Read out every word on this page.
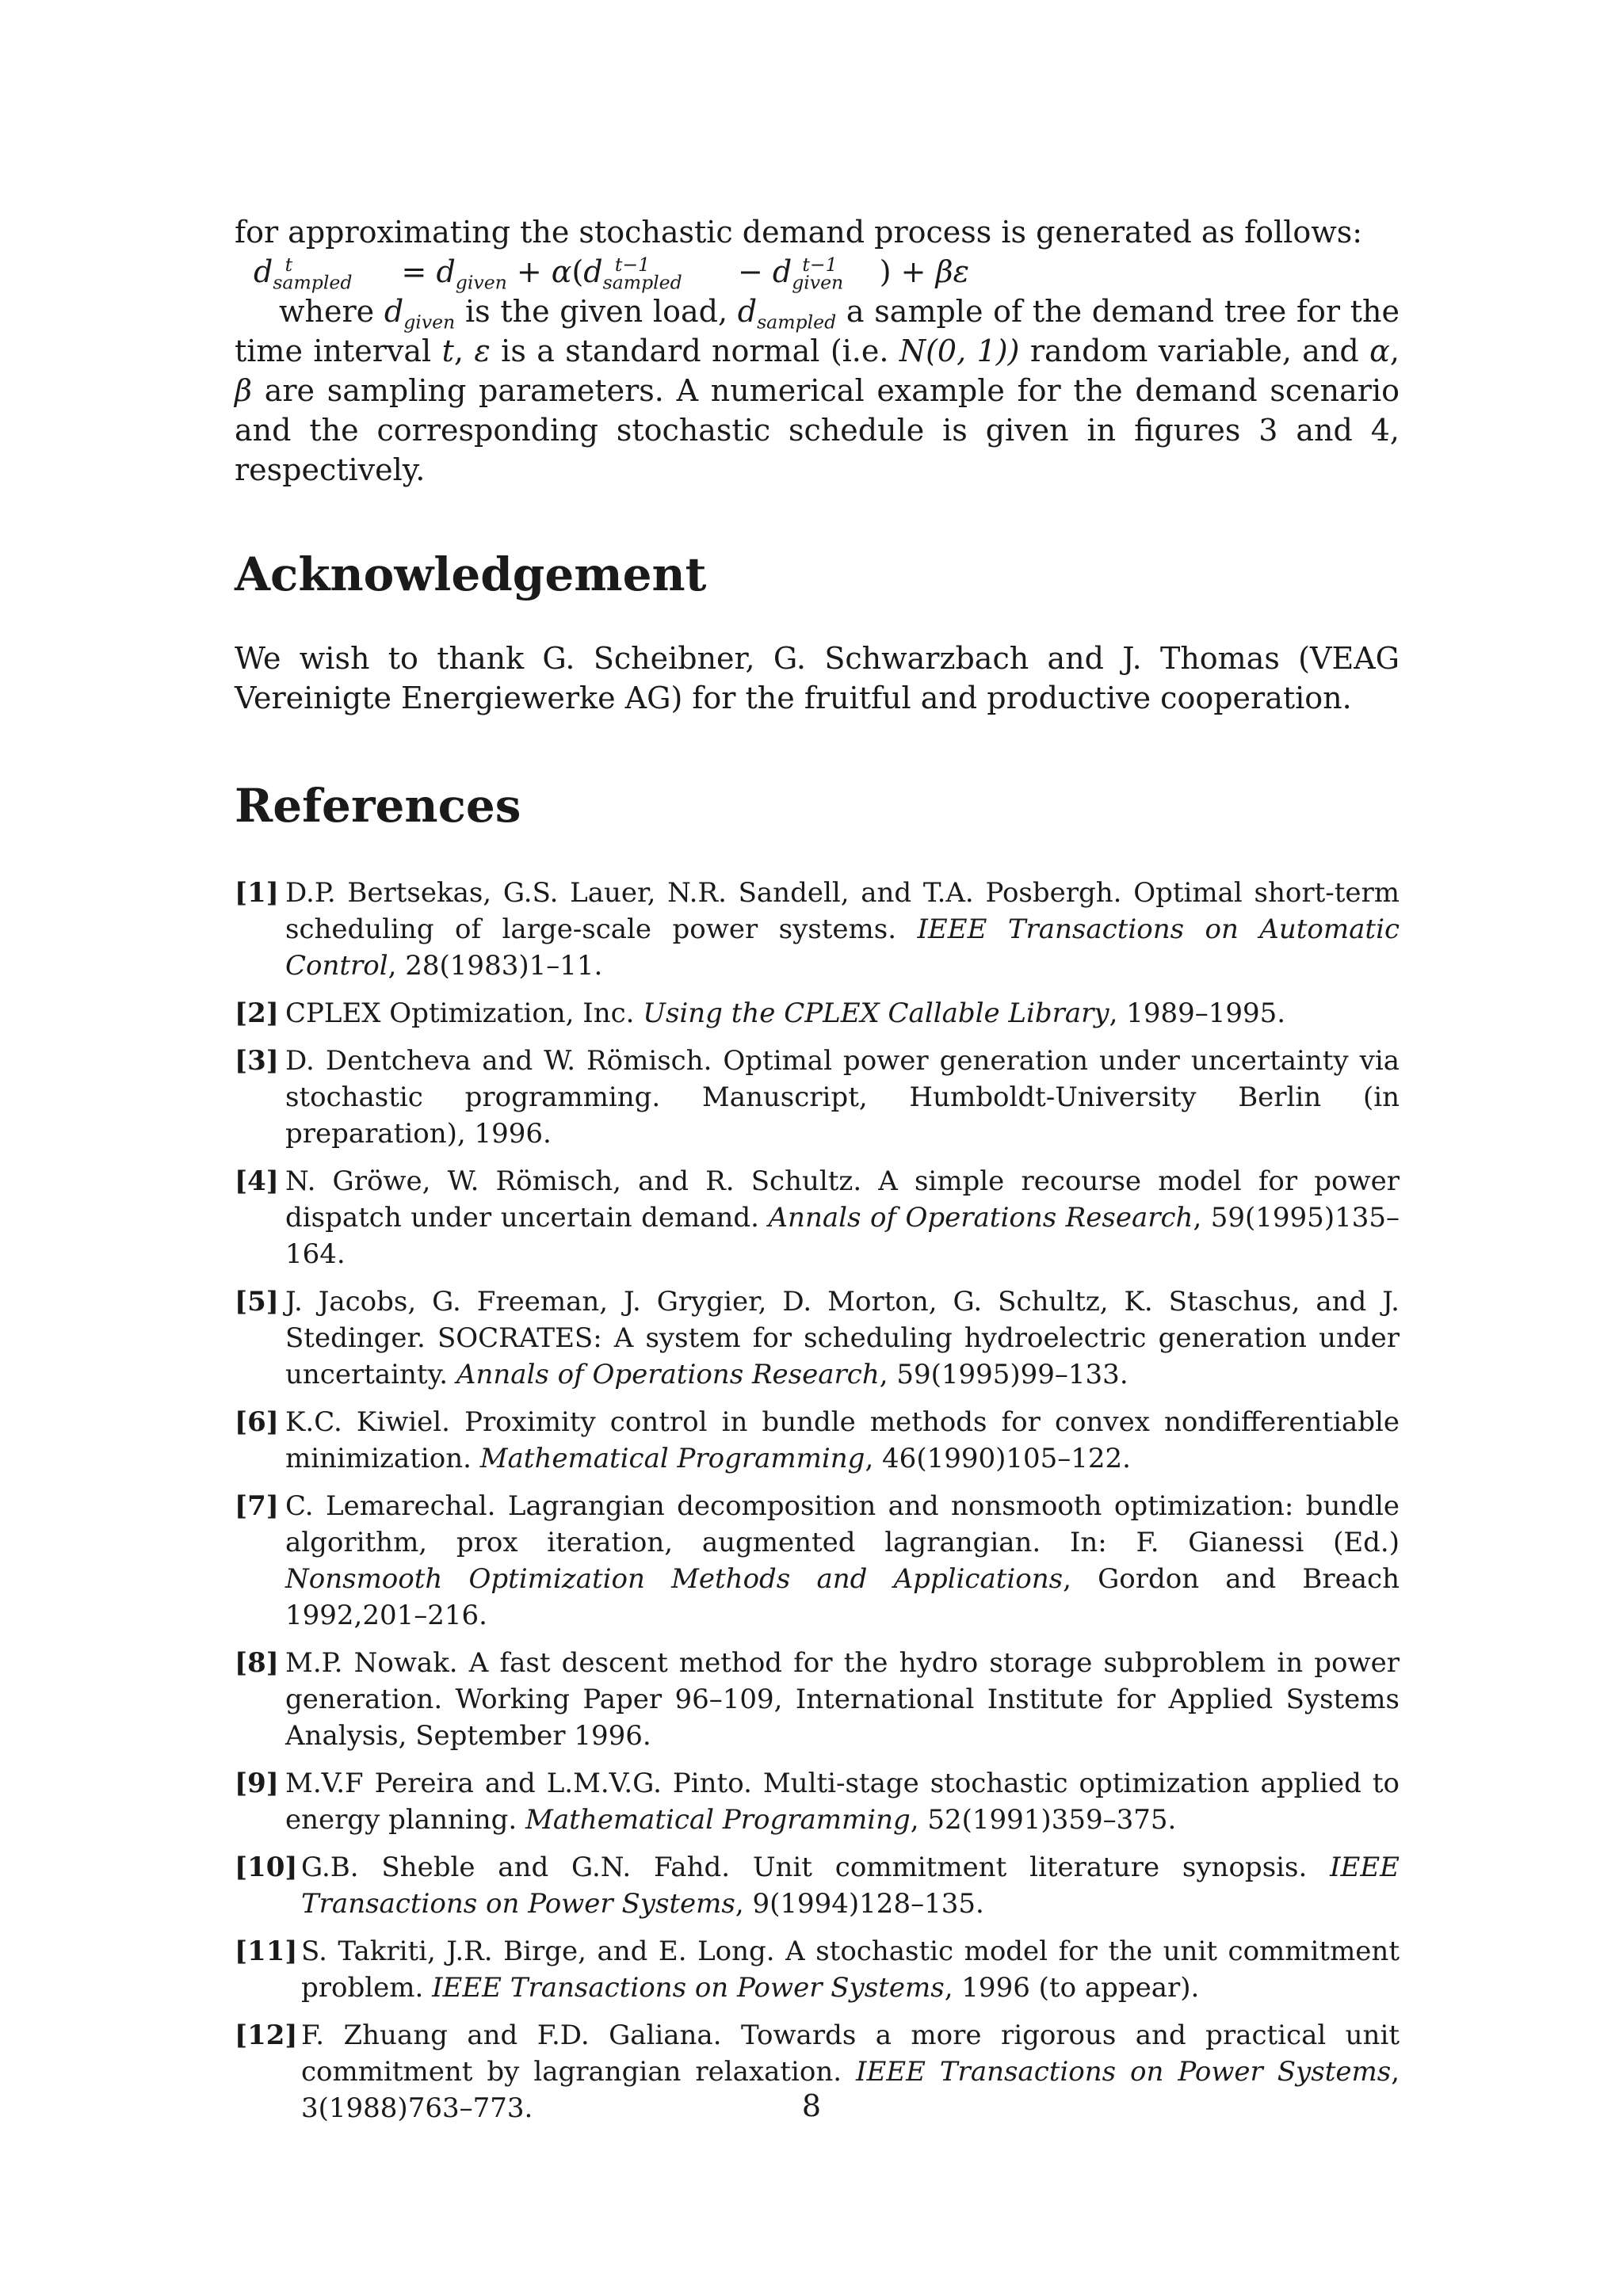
for approximating the stochastic demand process is generated as follows:

$d_{sampled}^t$	= $d_{given} + \alpha(d_{sampled}^{t-1}$	− $d_{given}^{t-1}$ ) + βε

where $d_{given}$ is the given load, $d_{sampled}$ a sample of the demand tree for the time interval t, ε is a standard normal (i.e. N(0, 1)) random variable, and α, β are sampling parameters. A numerical example for the demand scenario and the corresponding stochastic schedule is given in figures 3 and 4, respectively.

Acknowledgement

We wish to thank G. Scheibner, G. Schwarzbach and J. Thomas (VEAG Vereinigte Energiewerke AG) for the fruitful and productive cooperation.

References
[1] D.P. Bertsekas, G.S. Lauer, N.R. Sandell, and T.A. Posbergh. Optimal short-term scheduling of large-scale power systems. IEEE Transactions on Automatic Control, 28(1983)1–11.
[2] CPLEX Optimization, Inc. Using the CPLEX Callable Library, 1989–1995.
[3] D. Dentcheva and W. Römisch. Optimal power generation under uncertainty via stochastic programming. Manuscript, Humboldt-University Berlin (in preparation), 1996.
[4] N. Gröwe, W. Römisch, and R. Schultz. A simple recourse model for power dispatch under uncertain demand. Annals of Operations Research, 59(1995)135–164.
[5] J. Jacobs, G. Freeman, J. Grygier, D. Morton, G. Schultz, K. Staschus, and J. Stedinger. SOCRATES: A system for scheduling hydroelectric generation under uncertainty. Annals of Operations Research, 59(1995)99–133.
[6] K.C. Kiwiel. Proximity control in bundle methods for convex nondifferentiable minimization. Mathematical Programming, 46(1990)105–122.
[7] C. Lemarechal. Lagrangian decomposition and nonsmooth optimization: bundle algorithm, prox iteration, augmented lagrangian. In: F. Gianessi (Ed.) Nonsmooth Optimization Methods and Applications, Gordon and Breach 1992,201–216.
[8] M.P. Nowak. A fast descent method for the hydro storage subproblem in power generation. Working Paper 96–109, International Institute for Applied Systems Analysis, September 1996.
[9] M.V.F Pereira and L.M.V.G. Pinto. Multi-stage stochastic optimization applied to energy planning. Mathematical Programming, 52(1991)359–375.
[10] G.B. Sheble and G.N. Fahd. Unit commitment literature synopsis. IEEE Transactions on Power Systems, 9(1994)128–135.
[11] S. Takriti, J.R. Birge, and E. Long. A stochastic model for the unit commitment problem. IEEE Transactions on Power Systems, 1996 (to appear).
[12] F. Zhuang and F.D. Galiana. Towards a more rigorous and practical unit commitment by lagrangian relaxation. IEEE Transactions on Power Systems, 3(1988)763–773.	8
